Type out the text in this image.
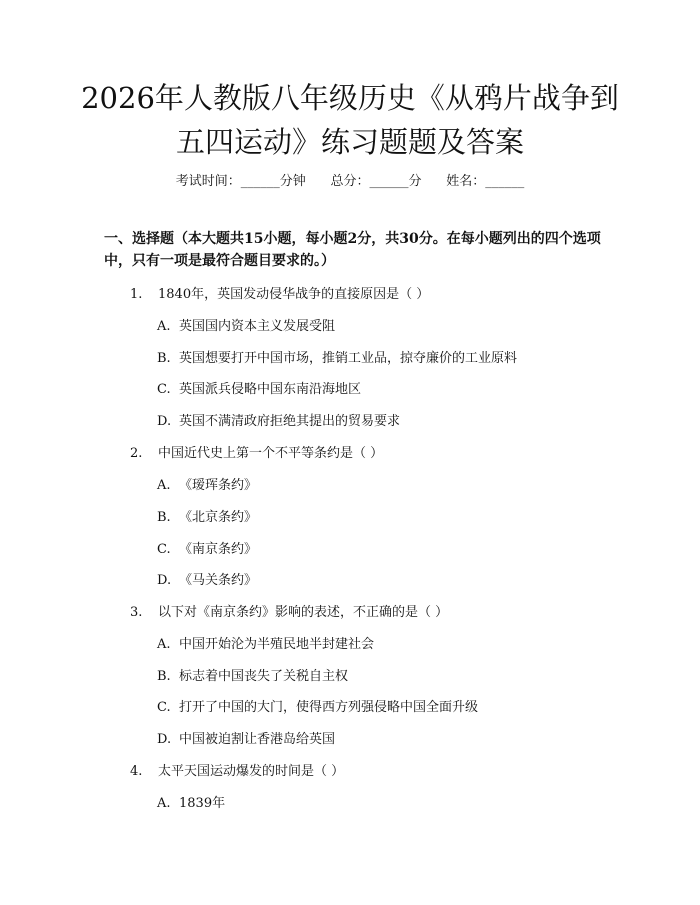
2026年人教版八年级历史《从鸦片战争到五四运动》练习题题及答案
考试时间：______分钟      总分：______分      姓名：______
一、选择题（本大题共15小题，每小题2分，共30分。在每小题列出的四个选项中，只有一项是最符合题目要求的。）
1. 1840年，英国发动侵华战争的直接原因是（ ）
A. 英国国内资本主义发展受阻
B. 英国想要打开中国市场，推销工业品，掠夺廉价的工业原料
C. 英国派兵侵略中国东南沿海地区
D. 英国不满清政府拒绝其提出的贸易要求
2. 中国近代史上第一个不平等条约是（ ）
A. 《瑷珲条约》
B. 《北京条约》
C. 《南京条约》
D. 《马关条约》
3. 以下对《南京条约》影响的表述，不正确的是（ ）
A. 中国开始沦为半殖民地半封建社会
B. 标志着中国丧失了关税自主权
C. 打开了中国的大门，使得西方列强侵略中国全面升级
D. 中国被迫割让香港岛给英国
4. 太平天国运动爆发的时间是（ ）
A. 1839年
